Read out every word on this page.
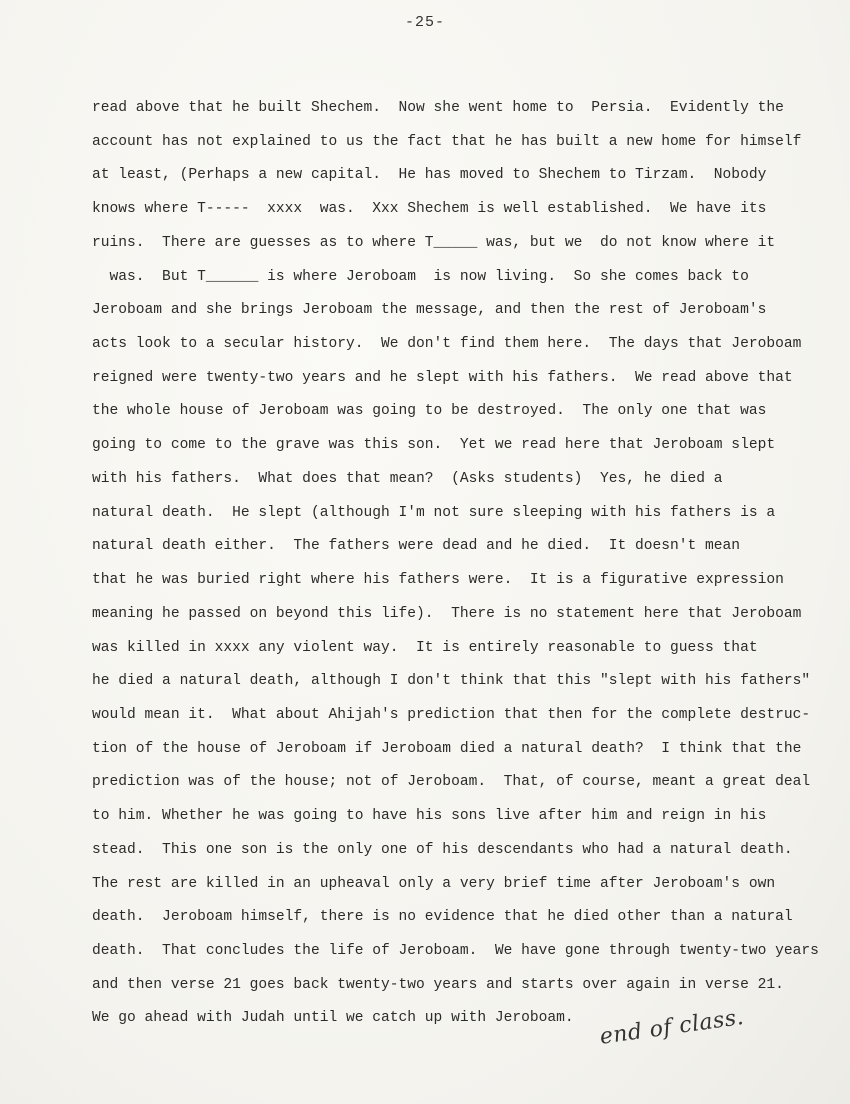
-25-
read above that he built Shechem.  Now she went home to  Persia.  Evidently the
account has not explained to us the fact that he has built a new home for himself
at least, (Perhaps a new capital.  He has moved to Shechem to Tirzam.  Nobody
knows where T-----  xxxx  was.  Xxx Shechem is well established.  We have its
ruins.  There are guesses as to where T_____ was, but we  do not know where it
was.  But T______ is where Jeroboam  is now living.  So she comes back to
Jeroboam and she brings Jeroboam the message, and then the rest of Jeroboam's
acts look to a secular history.  We don't find them here.  The days that Jeroboam
reigned were twenty-two years and he slept with his fathers.  We read above that
the whole house of Jeroboam was going to be destroyed.  The only one that was
going to come to the grave was this son.  Yet we read here that Jeroboam slept
with his fathers.  What does that mean?  (Asks students)  Yes, he died a
natural death.  He slept (although I'm not sure sleeping with his fathers is a
natural death either.  The fathers were dead and he died.  It doesn't mean
that he was buried right where his fathers were.  It is a figurative expression
meaning he passed on beyond this life).  There is no statement here that Jeroboam
was killed in xxxx any violent way.  It is entirely reasonable to guess that
he died a natural death, although I don't think that this "slept with his fathers"
would mean it.  What about Ahijah's prediction that then for the complete destruc-
tion of the house of Jeroboam if Jeroboam died a natural death?  I think that the
prediction was of the house; not of Jeroboam.  That, of course, meant a great deal
to him. Whether he was going to have his sons live after him and reign in his
stead.  This one son is the only one of his descendants who had a natural death.
The rest are killed in an upheaval only a very brief time after Jeroboam's own
death.  Jeroboam himself, there is no evidence that he died other than a natural
death.  That concludes the life of Jeroboam.  We have gone through twenty-two years
and then verse 21 goes back twenty-two years and starts over again in verse 21.
We go ahead with Judah until we catch up with Jeroboam.	end of class.
